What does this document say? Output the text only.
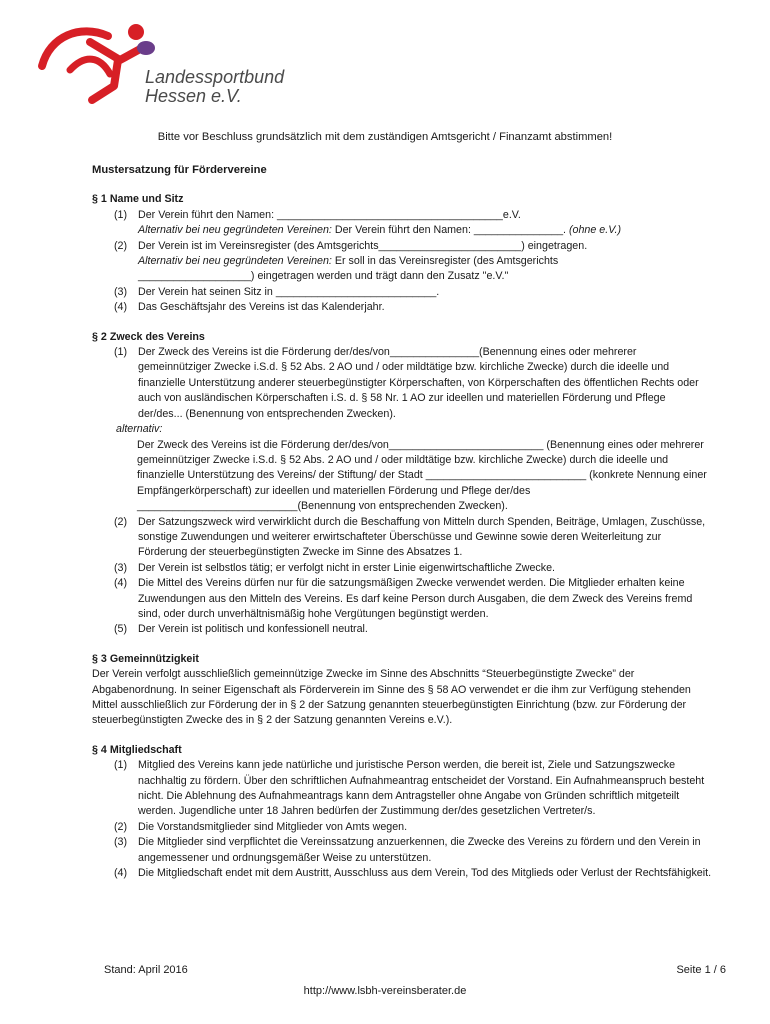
Landessportbund
Hessen e.V.
Bitte vor Beschluss grundsätzlich mit dem zuständigen Amtsgericht / Finanzamt abstimmen!

Mustersatzung für Fördervereine

§ 1 Name und Sitz

(1)	Der Verein führt den Namen: ______________________________________e.V.

Alternativ bei neu gegründeten Vereinen: Der Verein führt den Namen: _______________. (ohne e.V.)

(2)	Der Verein ist im Vereinsregister (des Amtsgerichts________________________) eingetragen.

Alternativ bei neu gegründeten Vereinen: Er soll in das Vereinsregister (des Amtsgerichts

___________________) eingetragen werden und trägt dann den Zusatz "e.V."

(3)	Der Verein hat seinen Sitz in ___________________________.
(4)	Das Geschäftsjahr des Vereins ist das Kalenderjahr.

§ 2 Zweck des Vereins

(1)	Der Zweck des Vereins ist die Förderung der/des/von_______________(Benennung eines oder mehrerer gemeinnütziger Zwecke i.S.d. § 52 Abs. 2 AO und / oder mildtätige bzw. kirchliche Zwecke) durch die ideelle und finanzielle Unterstützung anderer steuerbegünstigter Körperschaften, von Körperschaften des öffentlichen Rechts oder auch von ausländischen Körperschaften i.S. d. § 58 Nr. 1 AO zur ideellen und materiellen Förderung und Pflege der/des... (Benennung von entsprechenden Zwecken).

alternativ:

Der Zweck des Vereins ist die Förderung der/des/von__________________________ (Benennung eines oder mehrerer gemeinnütziger Zwecke i.S.d. § 52 Abs. 2 AO und / oder mildtätige bzw. kirchliche Zwecke) durch die ideelle und finanzielle Unterstützung des Vereins/ der Stiftung/ der Stadt ___________________________ (konkrete Nennung einer Empfängerkörperschaft) zur ideellen und materiellen Förderung und Pflege der/des ___________________________(Benennung von entsprechenden Zwecken).

(2)	Der Satzungszweck wird verwirklicht durch die Beschaffung von Mitteln durch Spenden, Beiträge, Umlagen, Zuschüsse, sonstige Zuwendungen und weiterer erwirtschafteter Überschüsse und Gewinne sowie deren Weiterleitung zur Förderung der steuerbegünstigten Zwecke im Sinne des Absatzes 1.
(3)	Der Verein ist selbstlos tätig; er verfolgt nicht in erster Linie eigenwirtschaftliche Zwecke.
(4)	Die Mittel des Vereins dürfen nur für die satzungsmäßigen Zwecke verwendet werden. Die Mitglieder erhalten keine Zuwendungen aus den Mitteln des Vereins. Es darf keine Person durch Ausgaben, die dem Zweck des Vereins fremd sind, oder durch unverhältnismäßig hohe Vergütungen begünstigt werden.
(5)	Der Verein ist politisch und konfessionell neutral.

§ 3 Gemeinnützigkeit

Der Verein verfolgt ausschließlich gemeinnützige Zwecke im Sinne des Abschnitts “Steuerbegünstigte Zwecke” der Abgabenordnung. In seiner Eigenschaft als Förderverein im Sinne des § 58 AO verwendet er die ihm zur Verfügung stehenden Mittel ausschließlich zur Förderung der in § 2 der Satzung genannten steuerbegünstigten Einrichtung (bzw. zur Förderung der steuerbegünstigten Zwecke des in § 2 der Satzung genannten Vereins e.V.).

§ 4 Mitgliedschaft

(1)	Mitglied des Vereins kann jede natürliche und juristische Person werden, die bereit ist, Ziele und Satzungszwecke nachhaltig zu fördern. Über den schriftlichen Aufnahmeantrag entscheidet der Vorstand. Ein Aufnahmeanspruch besteht nicht. Die Ablehnung des Aufnahmeantrags kann dem Antragsteller ohne Angabe von Gründen schriftlich mitgeteilt werden. Jugendliche unter 18 Jahren bedürfen der Zustimmung der/des gesetzlichen Vertreter/s.
(2)	Die Vorstandsmitglieder sind Mitglieder von Amts wegen.
(3)	Die Mitglieder sind verpflichtet die Vereinssatzung anzuerkennen, die Zwecke des Vereins zu fördern und den Verein in angemessener und ordnungsgemäßer Weise zu unterstützen.
(4)	Die Mitgliedschaft endet mit dem Austritt, Ausschluss aus dem Verein, Tod des Mitglieds oder Verlust der Rechtsfähigkeit.
Stand: April 2016	Seite 1 / 6
http://www.lsbh-vereinsberater.de
